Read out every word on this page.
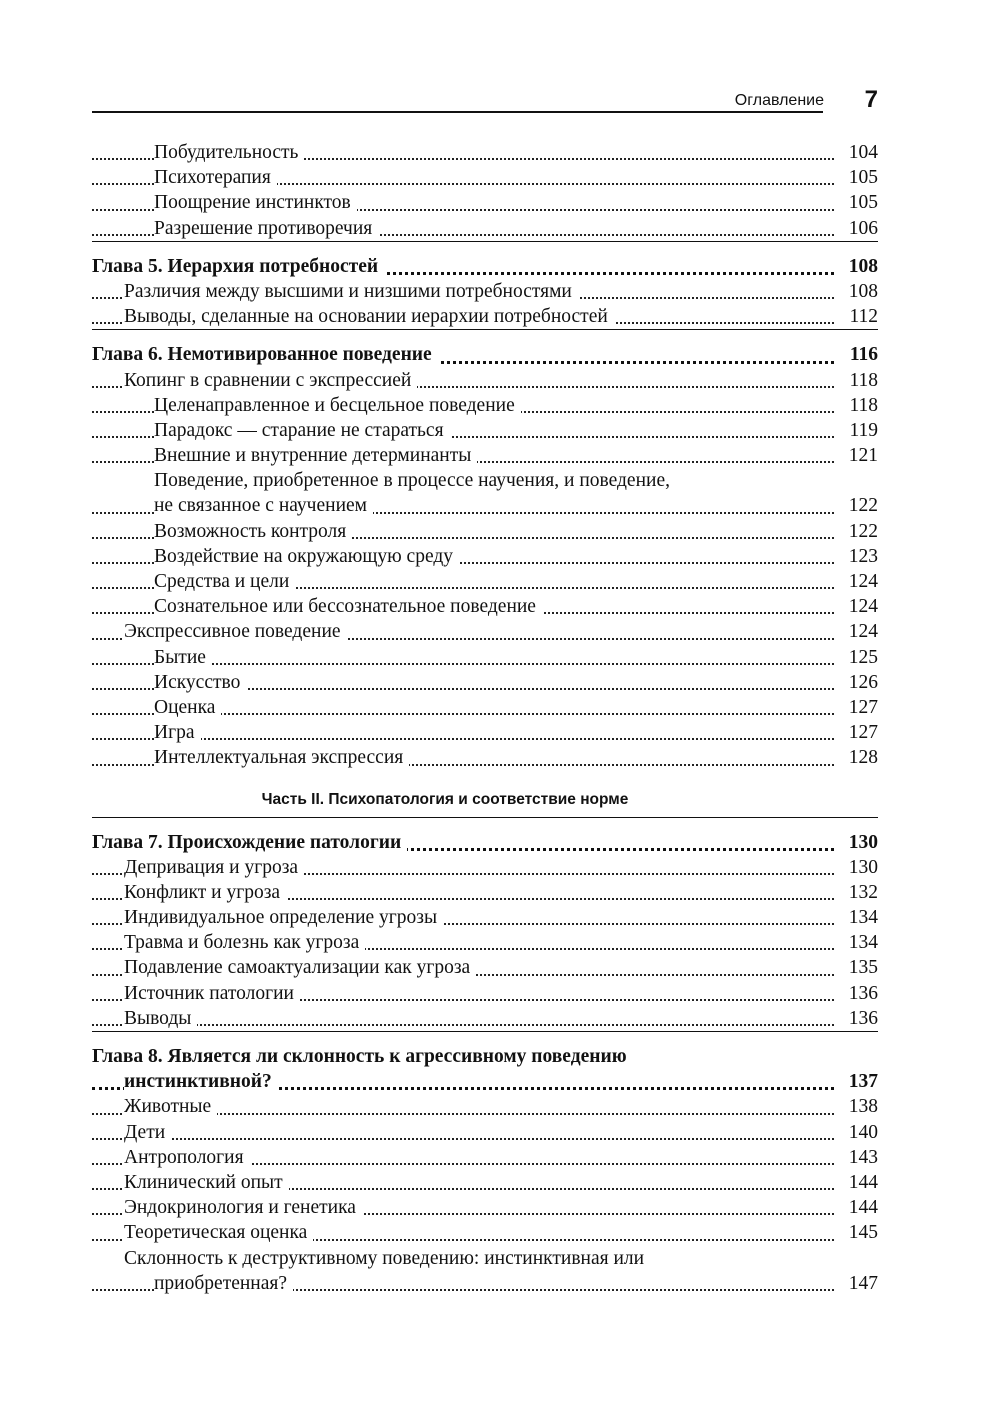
Оглавление 7
Побудительность	104
Психотерапия	105
Поощрение инстинктов	105
Разрешение противоречия	106
Глава 5. Иерархия потребностей	108
Различия между высшими и низшими потребностями	108
Выводы, сделанные на основании иерархии потребностей	112
Глава 6. Немотивированное поведение	116
Копинг в сравнении с экспрессией	118
Целенаправленное и бесцельное поведение	118
Парадокс — старание не стараться	119
Внешние и внутренние детерминанты	121
Поведение, приобретенное в процессе научения, и поведение,
не связанное с научением	122
Возможность контроля	122
Воздействие на окружающую среду	123
Средства и цели	124
Сознательное или бессознательное поведение	124
Экспрессивное поведение	124
Бытие	125
Искусство	126
Оценка	127
Игра	127
Интеллектуальная экспрессия	128
Часть II. Психопатология и соответствие норме
Глава 7. Происхождение патологии	130
Депривация и угроза	130
Конфликт и угроза	132
Индивидуальное определение угрозы	134
Травма и болезнь как угроза	134
Подавление самоактуализации как угроза	135
Источник патологии	136
Выводы	136
Глава 8. Является ли склонность к агрессивному поведению
инстинктивной?	137
Животные	138
Дети	140
Антропология	143
Клинический опыт	144
Эндокринология и генетика	144
Теоретическая оценка	145
Склонность к деструктивному поведению: инстинктивная или
приобретенная?	147
